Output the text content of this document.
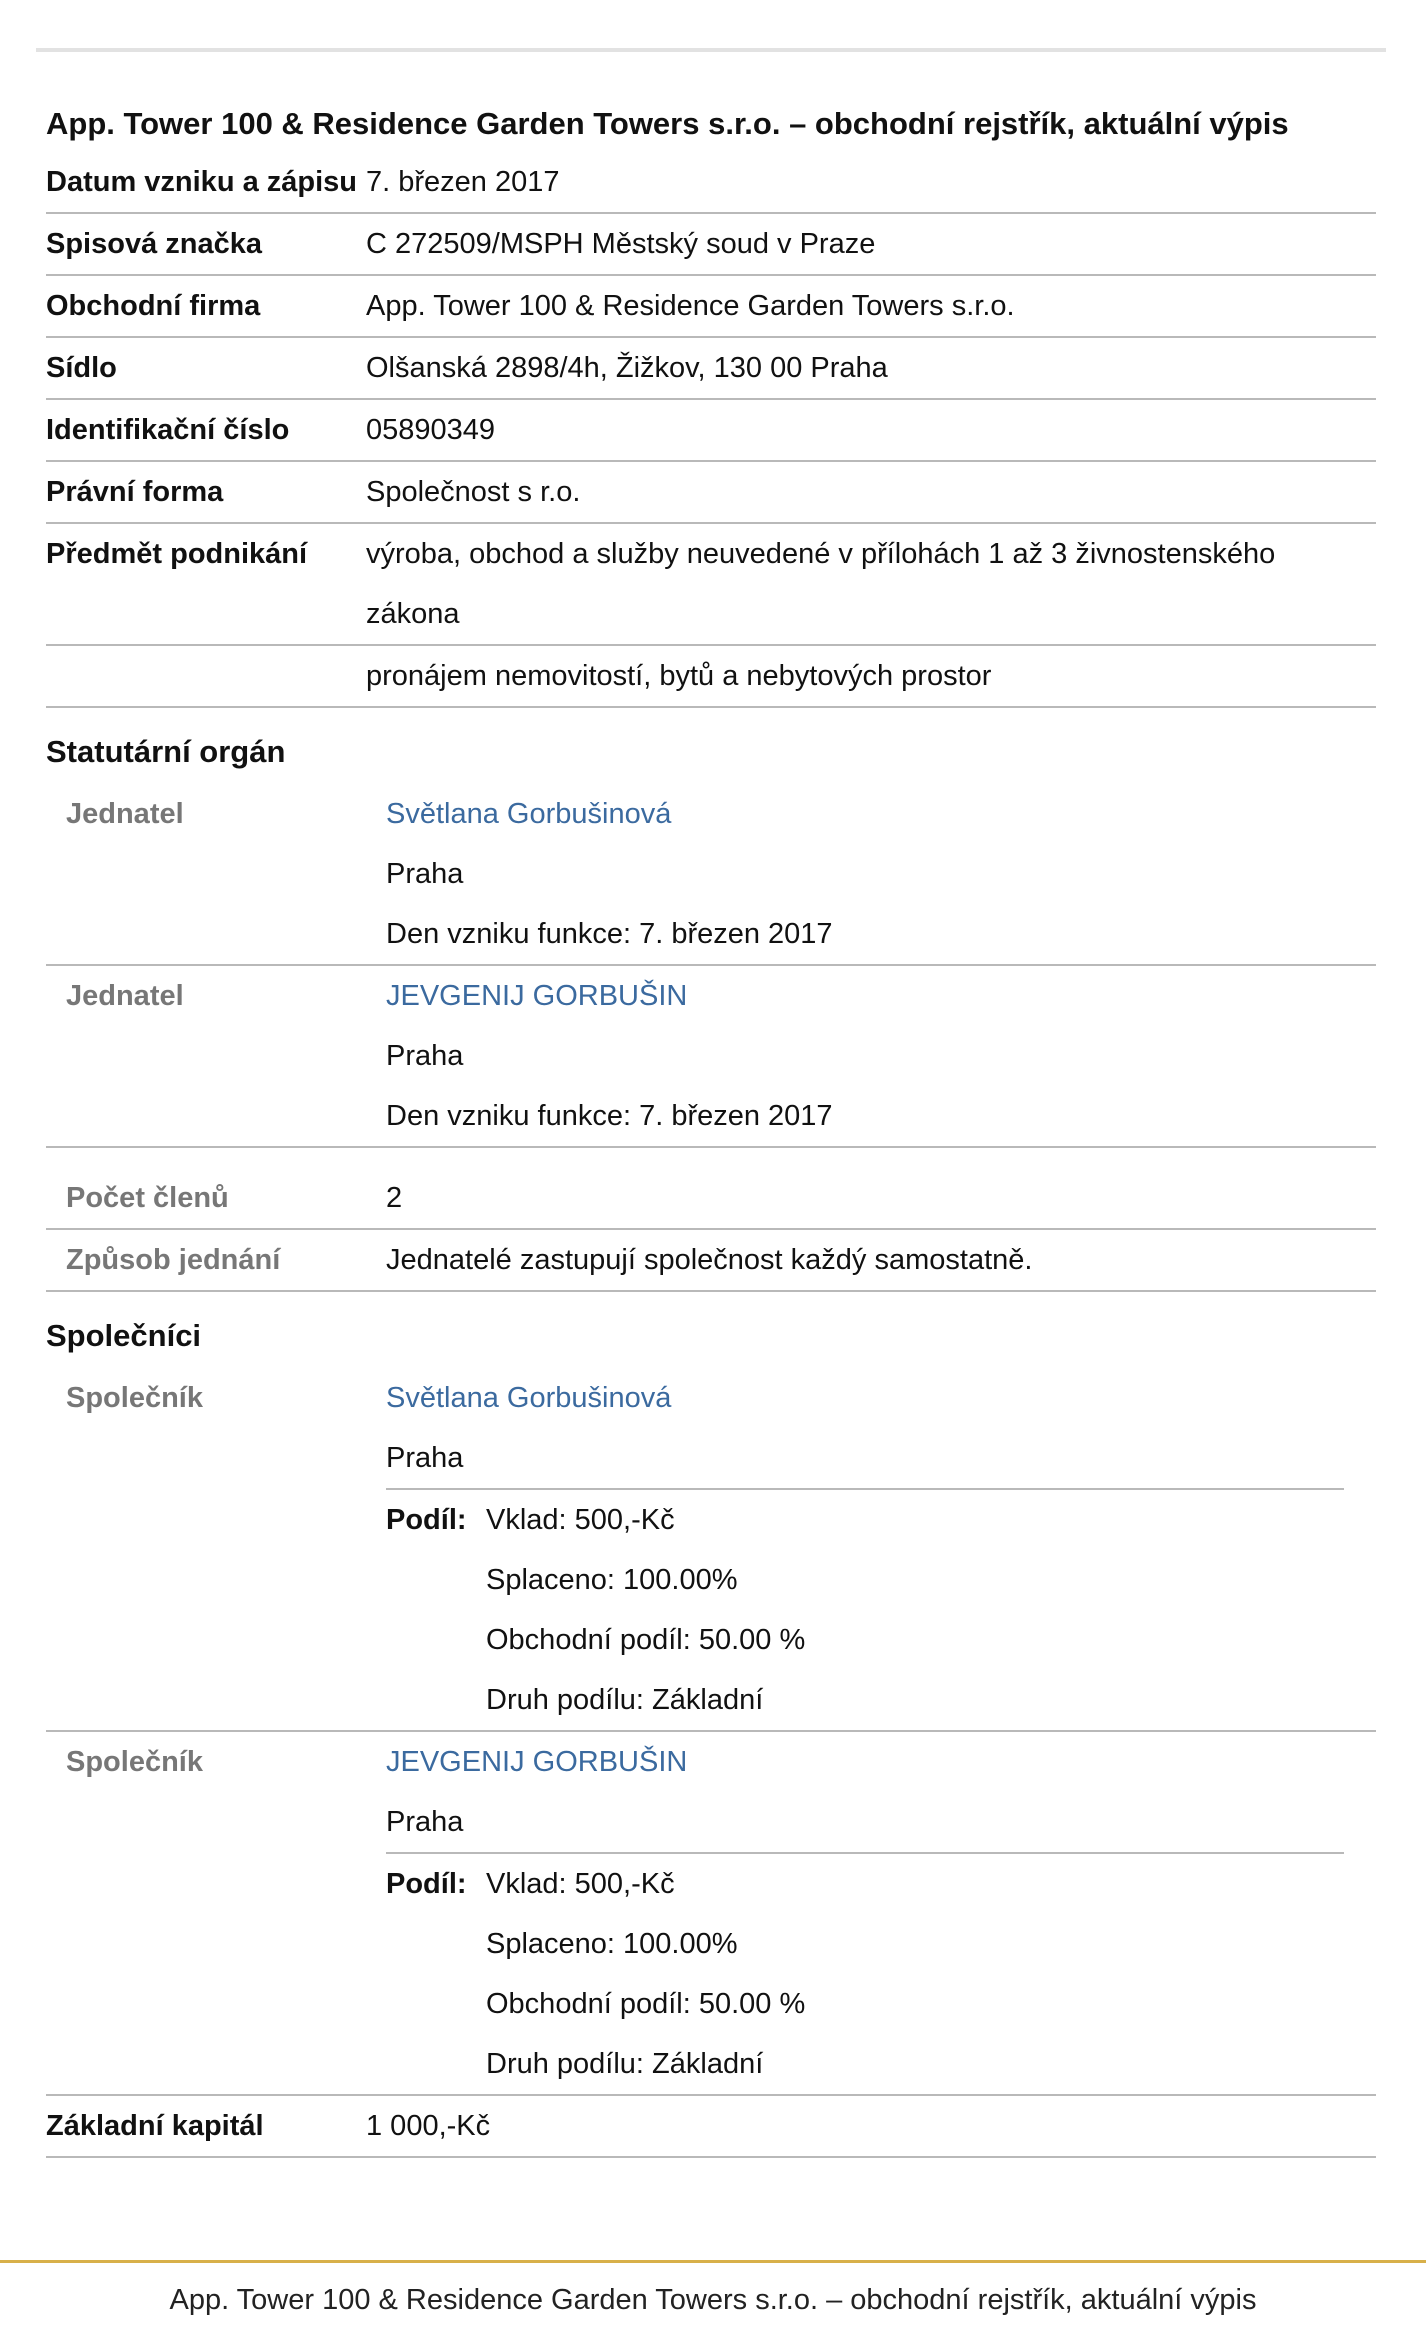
App. Tower 100 & Residence Garden Towers s.r.o. – obchodní rejstřík, aktuální výpis
Datum vzniku a zápisu 7. březen 2017
Spisová značka	C 272509/MSPH Městský soud v Praze
Obchodní firma	App. Tower 100 & Residence Garden Towers s.r.o.
Sídlo	Olšanská 2898/4h, Žižkov, 130 00 Praha
Identifikační číslo	05890349
Právní forma	Společnost s r.o.
Předmět podnikání	výroba, obchod a služby neuvedené v přílohách 1 až 3 živnostenského zákona
pronájem nemovitostí, bytů a nebytových prostor
Statutární orgán
Jednatel	Světlana Gorbušinová
Praha
Den vzniku funkce: 7. březen 2017
Jednatel	JEVGENIJ GORBUŠIN
Praha
Den vzniku funkce: 7. březen 2017
Počet členů	2
Způsob jednání	Jednatelé zastupují společnost každý samostatně.
Společníci
Společník	Světlana Gorbušinová
Praha
Podíl: Vklad: 500,-Kč
Splaceno: 100.00%
Obchodní podíl: 50.00 %
Druh podílu: Základní
Společník	JEVGENIJ GORBUŠIN
Praha
Podíl: Vklad: 500,-Kč
Splaceno: 100.00%
Obchodní podíl: 50.00 %
Druh podílu: Základní
Základní kapitál	1 000,-Kč
App. Tower 100 & Residence Garden Towers s.r.o. – obchodní rejstřík, aktuální výpis
